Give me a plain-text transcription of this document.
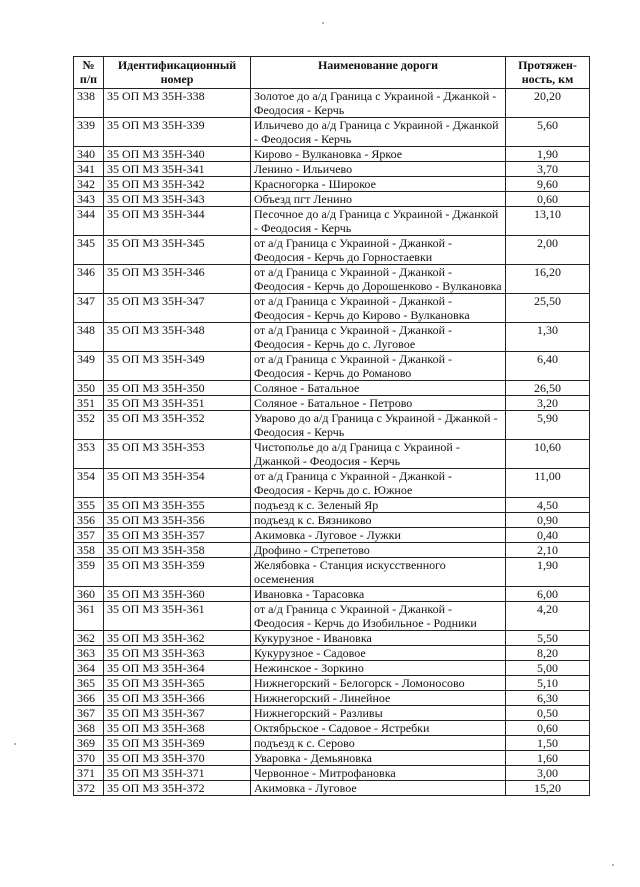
№ п/п	Идентификационный номер	Наименование дороги	Протяжен-ность, км
338	35 ОП МЗ 35Н-338	Золотое до а/д Граница с Украиной - Джанкой - Феодосия - Керчь	20,20
339	35 ОП МЗ 35Н-339	Ильичево до а/д Граница с Украиной - Джанкой - Феодосия - Керчь	5,60
340	35 ОП МЗ 35Н-340	Кирово - Вулкановка - Яркое	1,90
341	35 ОП МЗ 35Н-341	Ленино - Ильичево	3,70
342	35 ОП МЗ 35Н-342	Красногорка - Широкое	9,60
343	35 ОП МЗ 35Н-343	Объезд пгт Ленино	0,60
344	35 ОП МЗ 35Н-344	Песочное до а/д Граница с Украиной - Джанкой - Феодосия - Керчь	13,10
345	35 ОП МЗ 35Н-345	от а/д Граница с Украиной - Джанкой - Феодосия - Керчь до Горностаевки	2,00
346	35 ОП МЗ 35Н-346	от а/д Граница с Украиной - Джанкой - Феодосия - Керчь до Дорошенково - Вулкановка	16,20
347	35 ОП МЗ 35Н-347	от а/д Граница с Украиной - Джанкой - Феодосия - Керчь до Кирово - Вулкановка	25,50
348	35 ОП МЗ 35Н-348	от а/д Граница с Украиной - Джанкой - Феодосия - Керчь до с. Луговое	1,30
349	35 ОП МЗ 35Н-349	от а/д Граница с Украиной - Джанкой - Феодосия - Керчь до Романово	6,40
350	35 ОП МЗ 35Н-350	Соляное - Батальное	26,50
351	35 ОП МЗ 35Н-351	Соляное - Батальное - Петрово	3,20
352	35 ОП МЗ 35Н-352	Уварово до а/д Граница с Украиной - Джанкой - Феодосия - Керчь	5,90
353	35 ОП МЗ 35Н-353	Чистополье до а/д Граница с Украиной - Джанкой - Феодосия - Керчь	10,60
354	35 ОП МЗ 35Н-354	от а/д Граница с Украиной - Джанкой - Феодосия - Керчь до с. Южное	11,00
355	35 ОП МЗ 35Н-355	подъезд к с. Зеленый Яр	4,50
356	35 ОП МЗ 35Н-356	подъезд к с. Вязниково	0,90
357	35 ОП МЗ 35Н-357	Акимовка - Луговое - Лужки	0,40
358	35 ОП МЗ 35Н-358	Дрофино - Стрепетово	2,10
359	35 ОП МЗ 35Н-359	Желябовка - Станция искусственного осеменения	1,90
360	35 ОП МЗ 35Н-360	Ивановка - Тарасовка	6,00
361	35 ОП МЗ 35Н-361	от а/д Граница с Украиной - Джанкой - Феодосия - Керчь до Изобильное - Родники	4,20
362	35 ОП МЗ 35Н-362	Кукурузное - Ивановка	5,50
363	35 ОП МЗ 35Н-363	Кукурузное - Садовое	8,20
364	35 ОП МЗ 35Н-364	Нежинское - Зоркино	5,00
365	35 ОП МЗ 35Н-365	Нижнегорский - Белогорск - Ломоносово	5,10
366	35 ОП МЗ 35Н-366	Нижнегорский - Линейное	6,30
367	35 ОП МЗ 35Н-367	Нижнегорский - Разливы	0,50
368	35 ОП МЗ 35Н-368	Октябрьское - Садовое - Ястребки	0,60
369	35 ОП МЗ 35Н-369	подъезд к с. Серово	1,50
370	35 ОП МЗ 35Н-370	Уваровка - Демьяновка	1,60
371	35 ОП МЗ 35Н-371	Червонное - Митрофановка	3,00
372	35 ОП МЗ 35Н-372	Акимовка - Луговое	15,20
